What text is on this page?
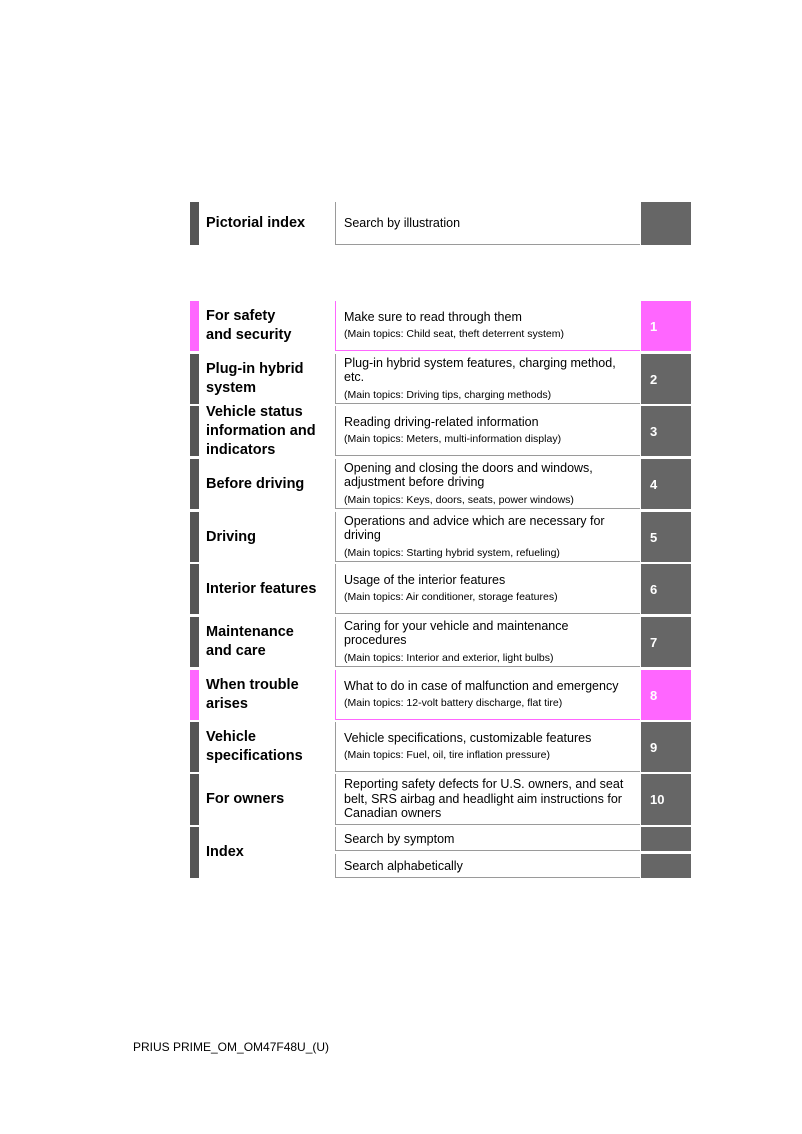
Pictorial index	Search by illustration
For safety
and security
Make sure to read through them
(Main topics: Child seat, theft deterrent system)
1
Plug-in hybrid
system
Plug-in hybrid system features, charging method, etc.
(Main topics: Driving tips, charging methods)
2
Vehicle status
information and
indicators
Reading driving-related information
(Main topics: Meters, multi-information display)
3
Before driving
Opening and closing the doors and windows, adjustment before driving
(Main topics: Keys, doors, seats, power windows)
4
Driving
Operations and advice which are necessary for driving
(Main topics: Starting hybrid system, refueling)
5
Interior features
Usage of the interior features
(Main topics: Air conditioner, storage features)
6
Maintenance
and care
Caring for your vehicle and maintenance procedures
(Main topics: Interior and exterior, light bulbs)
7
When trouble
arises
What to do in case of malfunction and emergency
(Main topics: 12-volt battery discharge, flat tire)
8
Vehicle
specifications
Vehicle specifications, customizable features
(Main topics: Fuel, oil, tire inflation pressure)
9
For owners
Reporting safety defects for U.S. owners, and seat belt, SRS airbag and headlight aim instructions for Canadian owners
10
Index
Search by symptom
Search alphabetically
PRIUS PRIME_OM_OM47F48U_(U)
